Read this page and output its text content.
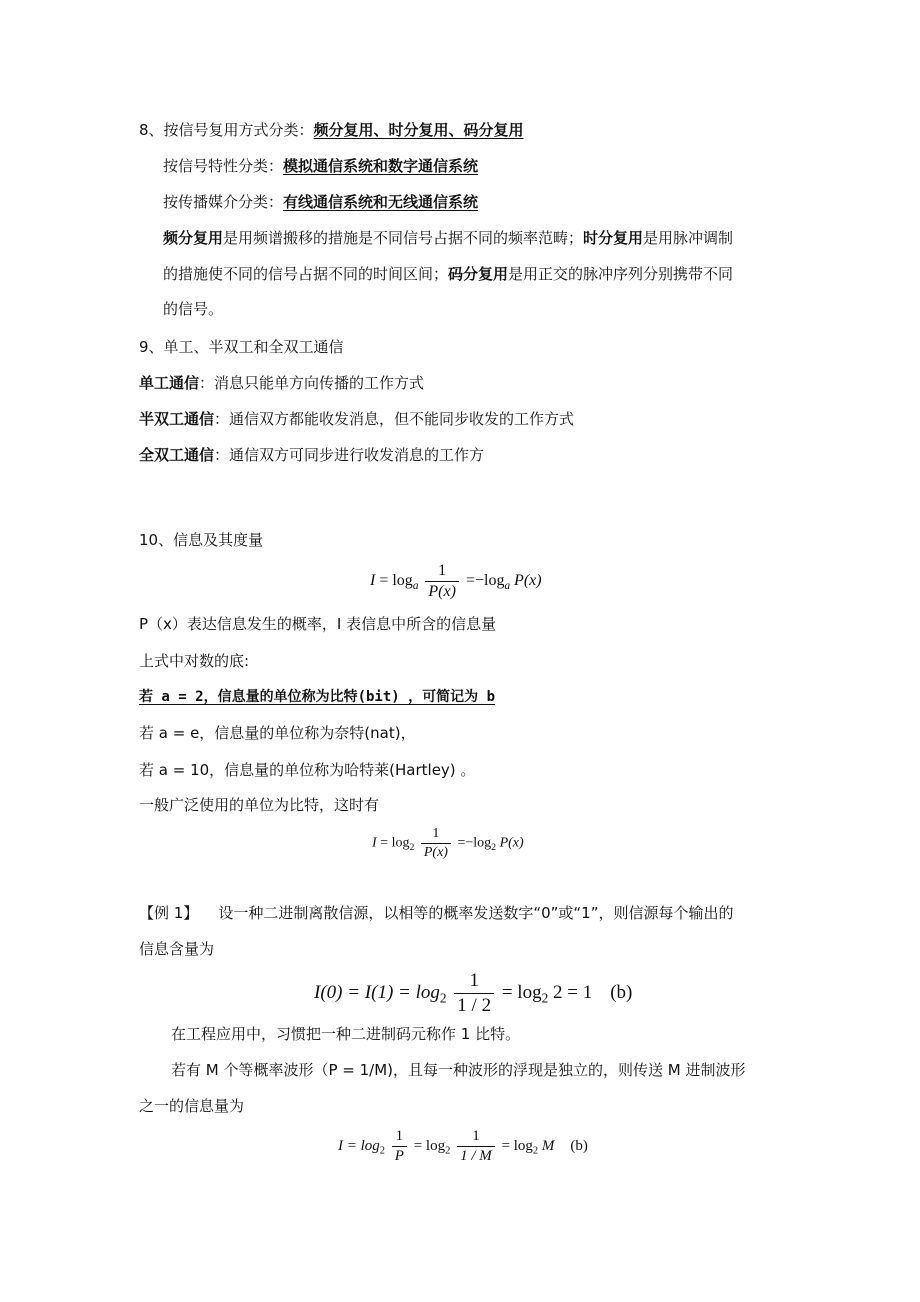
8、按信号复用方式分类：频分复用、时分复用、码分复用
按信号特性分类：模拟通信系统和数字通信系统
按传播媒介分类：有线通信系统和无线通信系统
频分复用是用频谱搬移的措施是不同信号占据不同的频率范畴；时分复用是用脉冲调制
的措施使不同的信号占据不同的时间区间；码分复用是用正交的脉冲序列分别携带不同
的信号。
9、单工、半双工和全双工通信
单工通信：消息只能单方向传播的工作方式
半双工通信：通信双方都能收发消息，但不能同步收发的工作方式
全双工通信：通信双方可同步进行收发消息的工作方
10、信息及其度量
$I = \log_a \frac{1}{P(x)} =-\log_a$ P(x)
P（x）表达信息发生的概率，I 表信息中所含的信息量
上式中对数的底:
若 a = 2，信息量的单位称为比特(bit) ，可简记为 b
若 a = e，信息量的单位称为奈特(nat)，
若 a = 10，信息量的单位称为哈特莱(Hartley) 。
一般广泛使用的单位为比特，这时有
$I = \log_2 \frac{1}{P(x)} =-\log_2$ P(x)
【例 1】 设一种二进制离散信源，以相等的概率发送数字“0”或“1”，则信源每个输出的
信息含量为
$I(0) = I(1) = \log_2 \frac{1}{1 / 2} = \log_2 2 = 1$ (b)
在工程应用中，习惯把一种二进制码元称作 1 比特。
若有 M 个等概率波形（P = 1/M)，且每一种波形的浮现是独立的，则传送 M 进制波形
之一的信息量为
$I = \log_2 \frac{1}{P} = \log_2 \frac{1}{1 / M} = \log_2 M$ (b)
